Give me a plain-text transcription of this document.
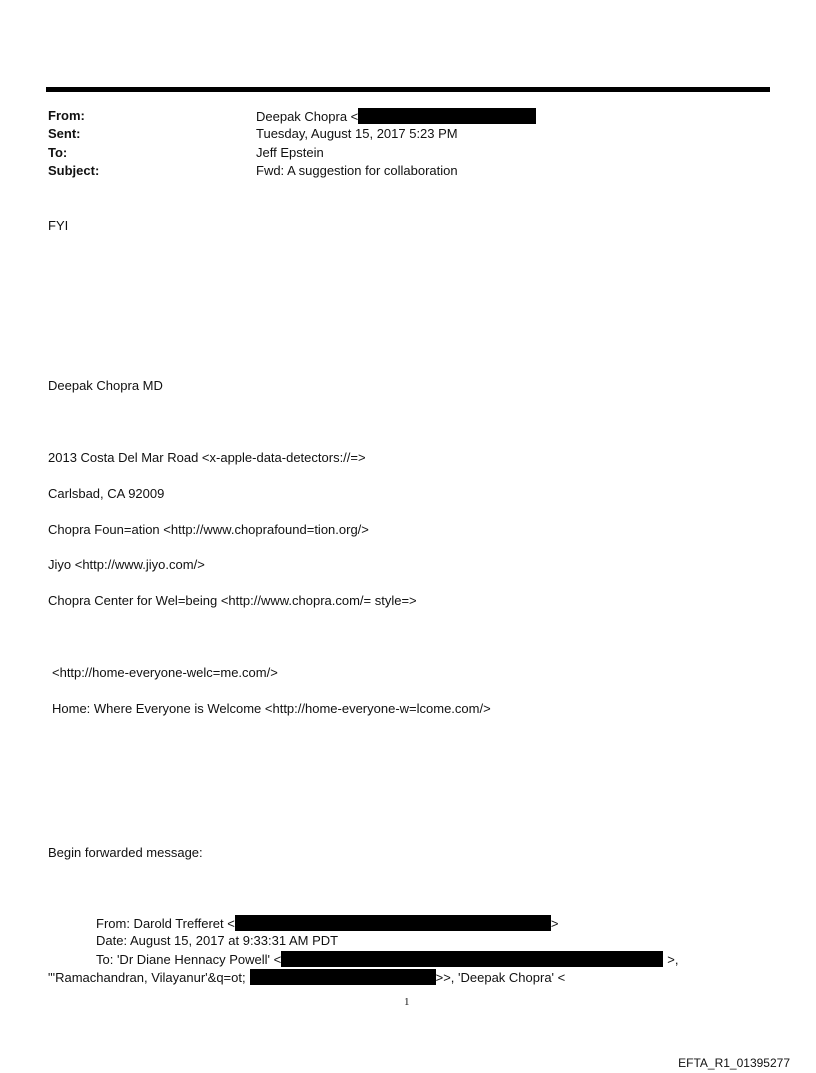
From:	Deepak Chopra <
Sent:	Tuesday, August 15, 2017 5:23 PM
To:	Jeff Epstein
Subject:	Fwd: A suggestion for collaboration
FYI
Deepak Chopra MD
2013 Costa Del Mar Road <x-apple-data-detectors://=>
Carlsbad, CA 92009
Chopra Foun=ation <http://www.choprafound=tion.org/>
Jiyo <http://www.jiyo.com/>
Chopra Center for Wel=being <http://www.chopra.com/= style=>
<http://home-everyone-welc=me.com/>
Home: Where Everyone is Welcome <http://home-everyone-w=lcome.com/>
Begin forwarded message:
From: Darold Trefferet <	>
Date: August 15, 2017 at 9:33:31 AM PDT
To: 'Dr Diane Hennacy Powell' <	>,
"'Ramachandran, Vilayanur'&q=ot;	>>, 'Deepak Chopra' <
1
EFTA_R1_01395277
